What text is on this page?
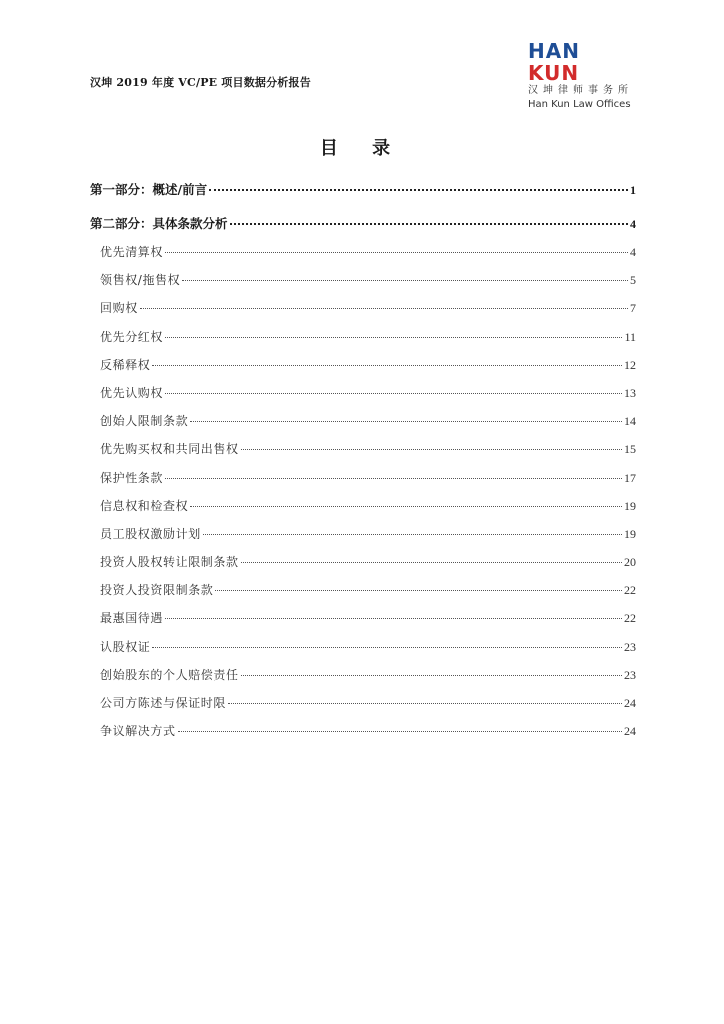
汉坤 2019 年度 VC/PE 项目数据分析报告
HAN KUN
汉坤律师事务所
Han Kun Law Offices
目 录
第一部分：概述/前言	1
第二部分：具体条款分析	4
优先清算权	4
领售权/拖售权	5
回购权	7
优先分红权	11
反稀释权	12
优先认购权	13
创始人限制条款	14
优先购买权和共同出售权	15
保护性条款	17
信息权和检查权	19
员工股权激励计划	19
投资人股权转让限制条款	20
投资人投资限制条款	22
最惠国待遇	22
认股权证	23
创始股东的个人赔偿责任	23
公司方陈述与保证时限	24
争议解决方式	24
